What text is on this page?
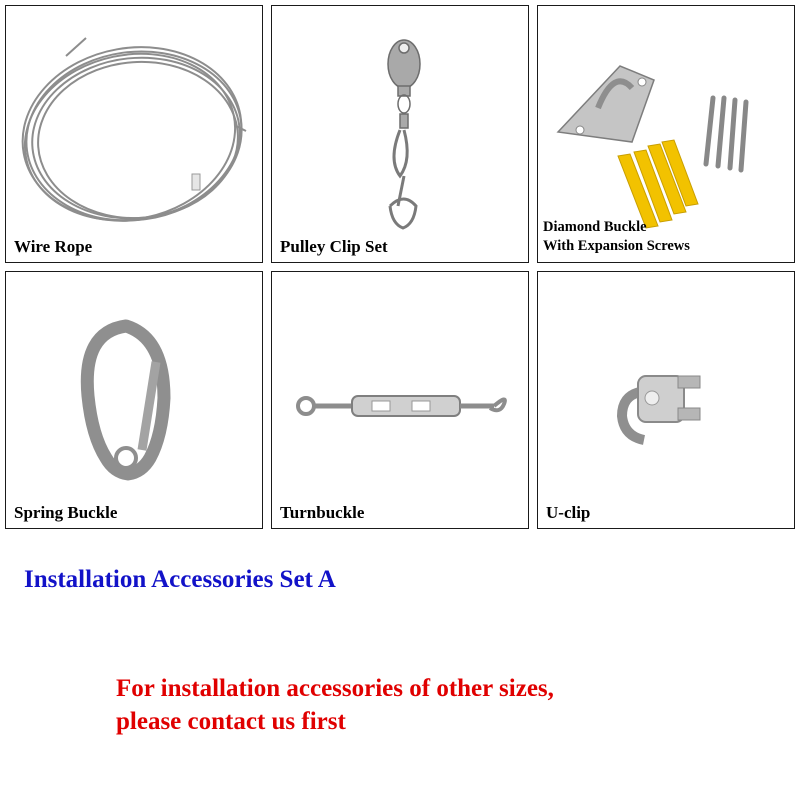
Wire Rope	Pulley Clip Set
Diamond Buckle
With Expansion Screws
Spring Buckle	Turnbuckle	U-clip
Installation Accessories Set A
For installation accessories of other sizes,
please contact us first
